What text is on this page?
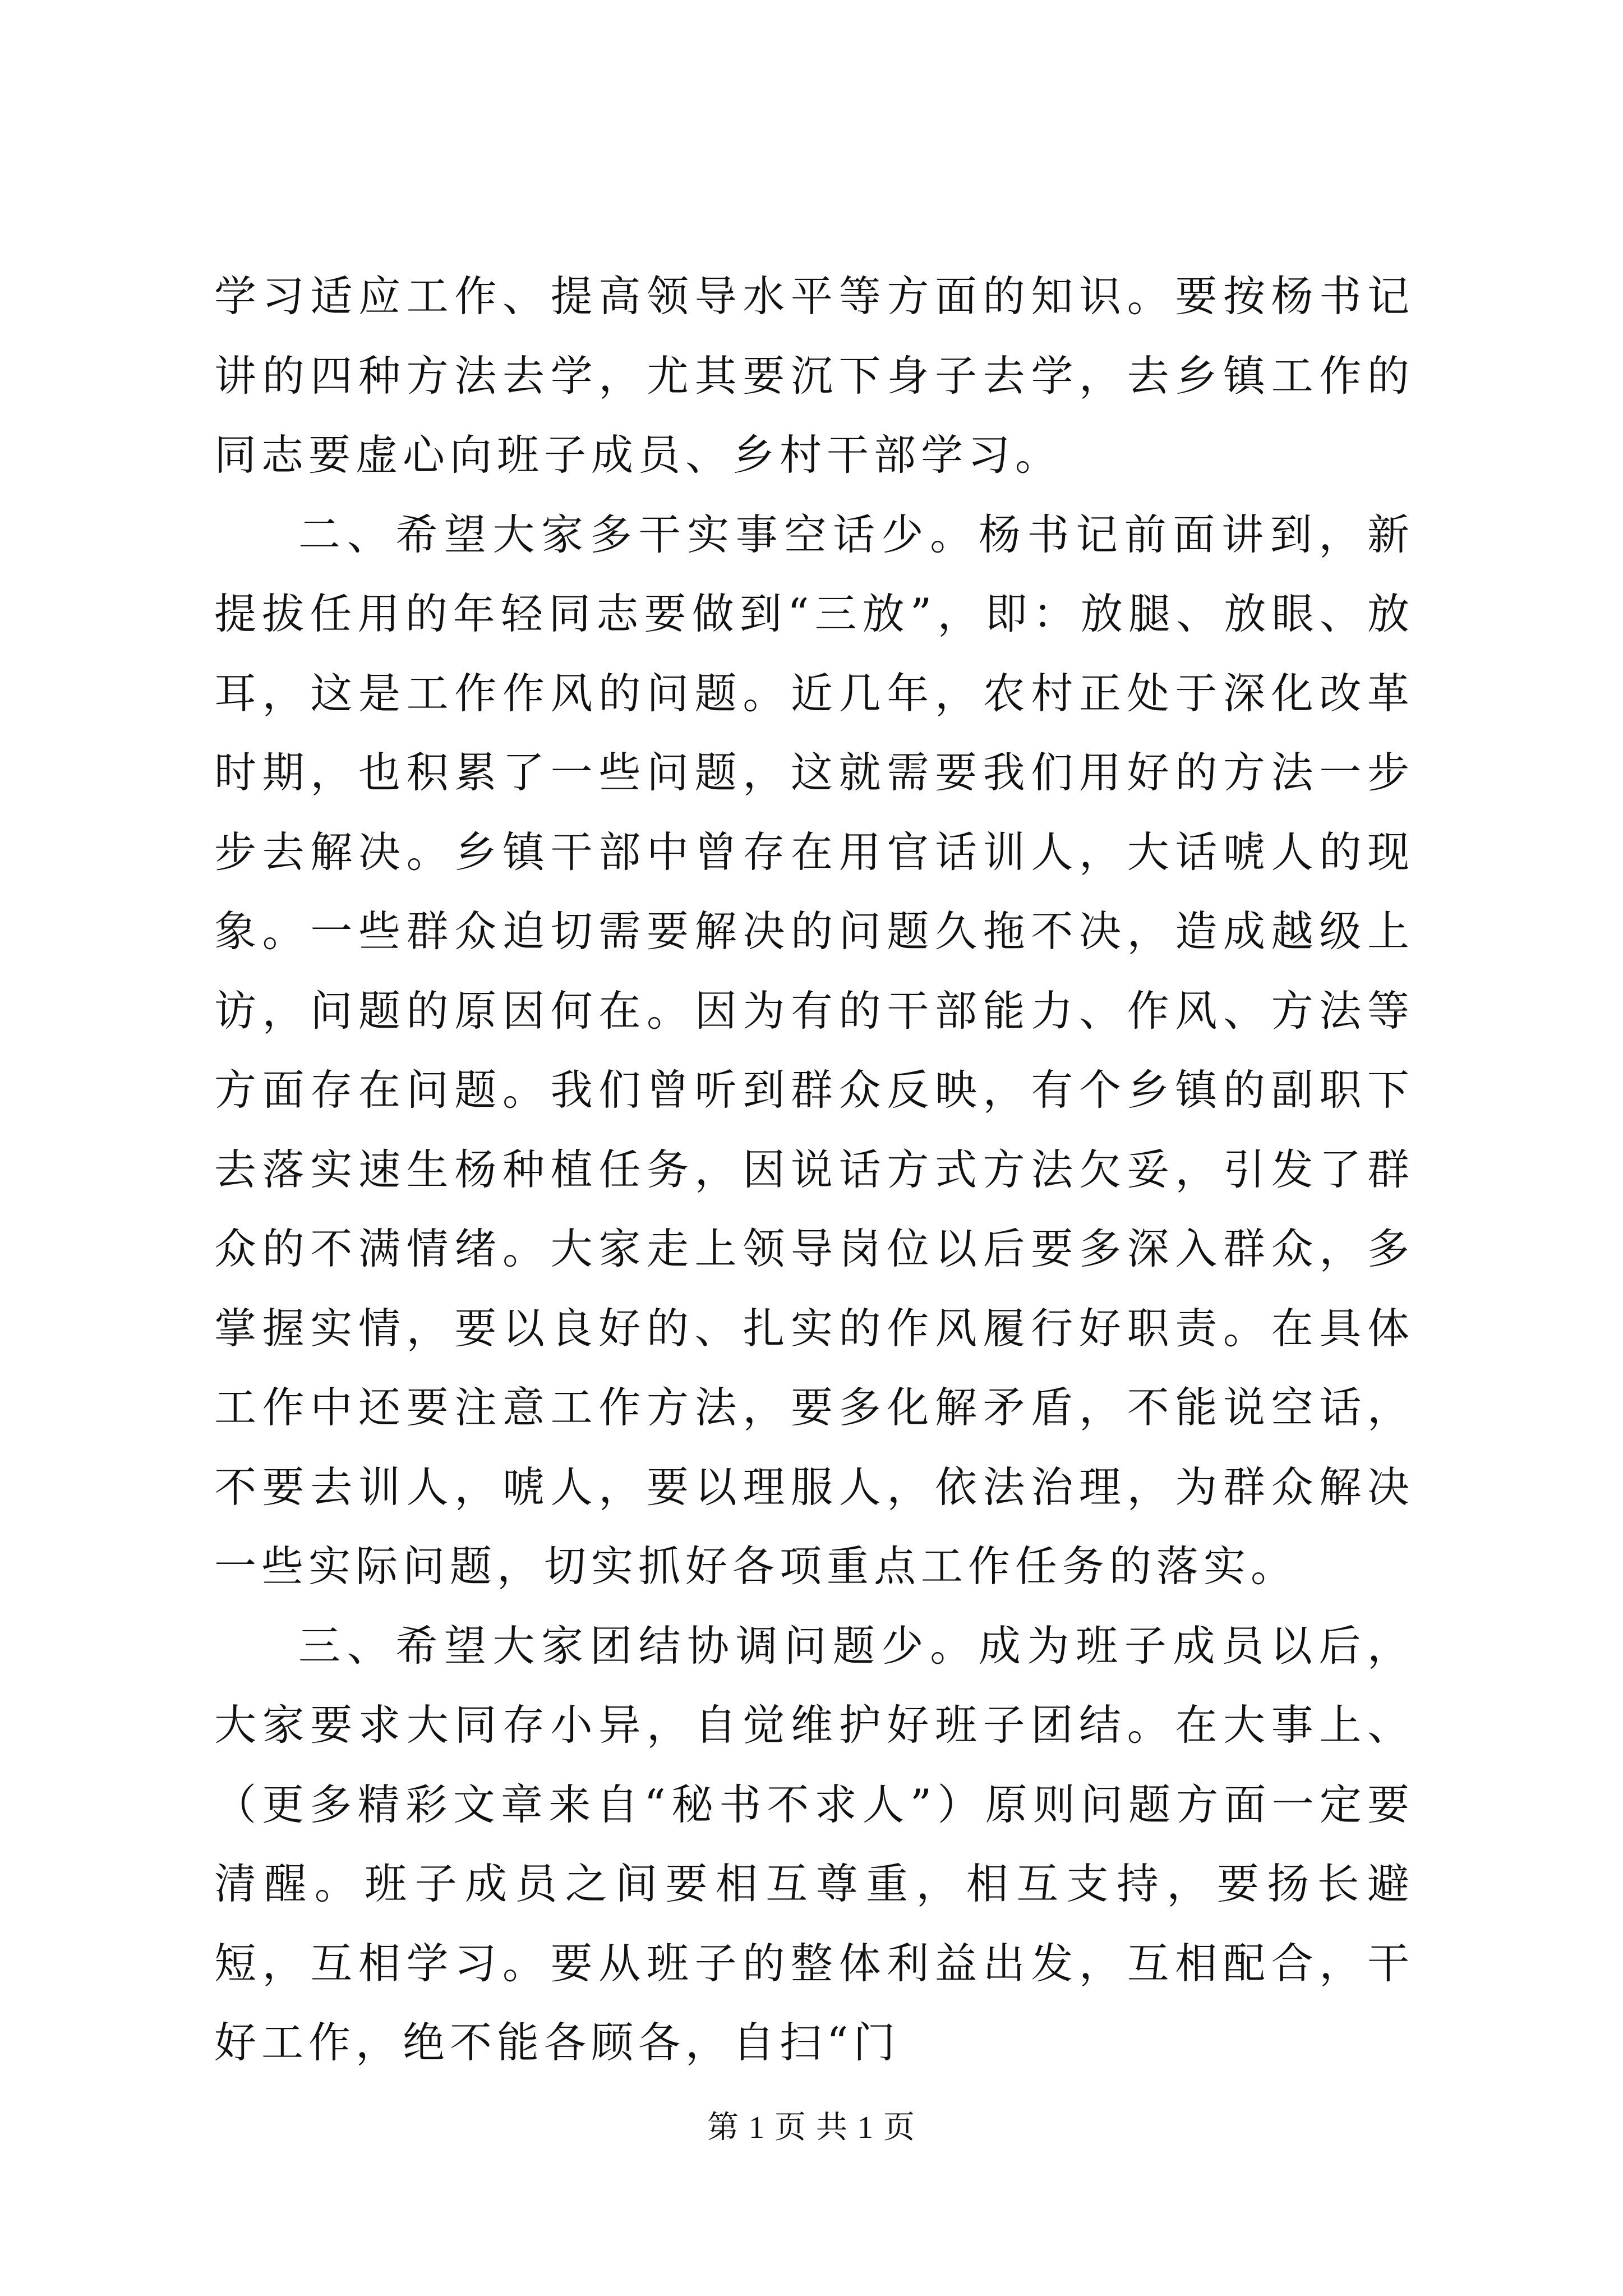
学习适应工作、提高领导水平等方面的知识。要按杨书记讲的四种方法去学，尤其要沉下身子去学，去乡镇工作的同志要虚心向班子成员、乡村干部学习。

二、希望大家多干实事空话少。杨书记前面讲到，新提拔任用的年轻同志要做到“三放”，即：放腿、放眼、放耳，这是工作作风的问题。近几年，农村正处于深化改革时期，也积累了一些问题，这就需要我们用好的方法一步步去解决。乡镇干部中曾存在用官话训人，大话唬人的现象。一些群众迫切需要解决的问题久拖不决，造成越级上访，问题的原因何在。因为有的干部能力、作风、方法等方面存在问题。我们曾听到群众反映，有个乡镇的副职下去落实速生杨种植任务，因说话方式方法欠妥，引发了群众的不满情绪。大家走上领导岗位以后要多深入群众，多掌握实情，要以良好的、扎实的作风履行好职责。在具体工作中还要注意工作方法，要多化解矛盾，不能说空话，不要去训人，唬人，要以理服人，依法治理，为群众解决一些实际问题，切实抓好各项重点工作任务的落实。

三、希望大家团结协调问题少。成为班子成员以后，大家要求大同存小异，自觉维护好班子团结。在大事上、（更多精彩文章来自“秘书不求人”）原则问题方面一定要清醒。班子成员之间要相互尊重，相互支持，要扬长避短，互相学习。要从班子的整体利益出发，互相配合，干好工作，绝不能各顾各，自扫“门

第 1 页 共 1 页
